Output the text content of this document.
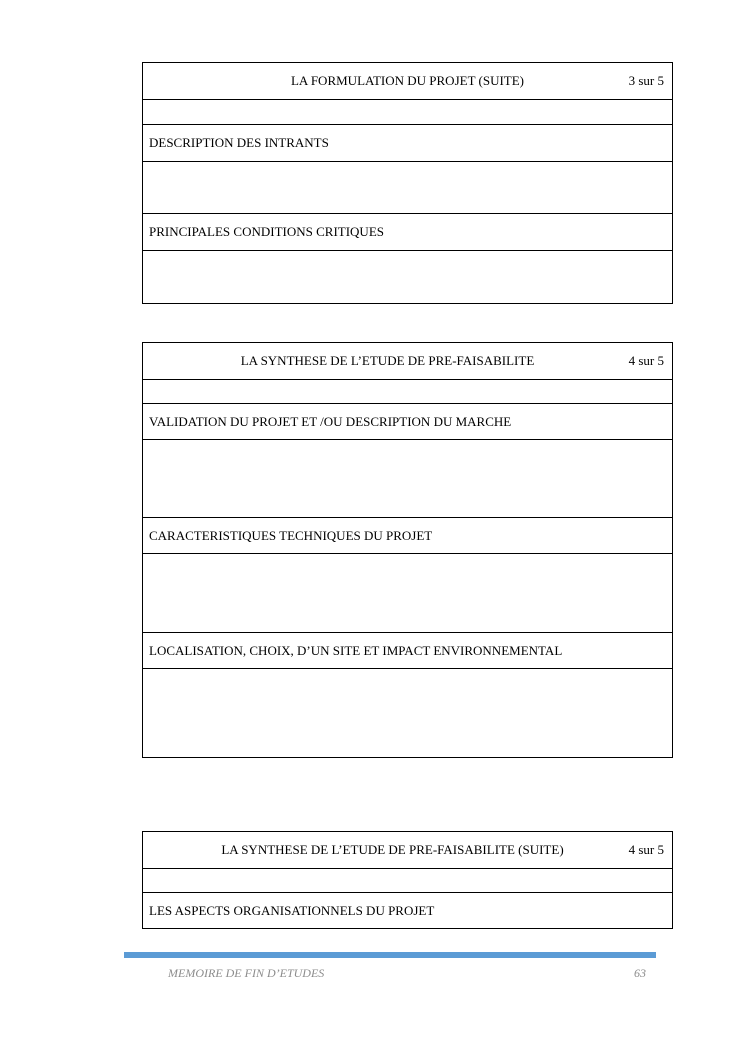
LA FORMULATION DU PROJET (SUITE)	3 sur 5
DESCRIPTION DES INTRANTS
PRINCIPALES CONDITIONS CRITIQUES
LA SYNTHESE DE L’ETUDE DE PRE-FAISABILITE	4 sur 5
VALIDATION DU PROJET ET /OU DESCRIPTION DU MARCHE
CARACTERISTIQUES TECHNIQUES DU PROJET
LOCALISATION, CHOIX, D’UN SITE ET IMPACT ENVIRONNEMENTAL
LA SYNTHESE DE L’ETUDE DE PRE-FAISABILITE (SUITE)	4 sur 5
LES ASPECTS ORGANISATIONNELS DU PROJET
MEMOIRE DE FIN D’ETUDES	63
